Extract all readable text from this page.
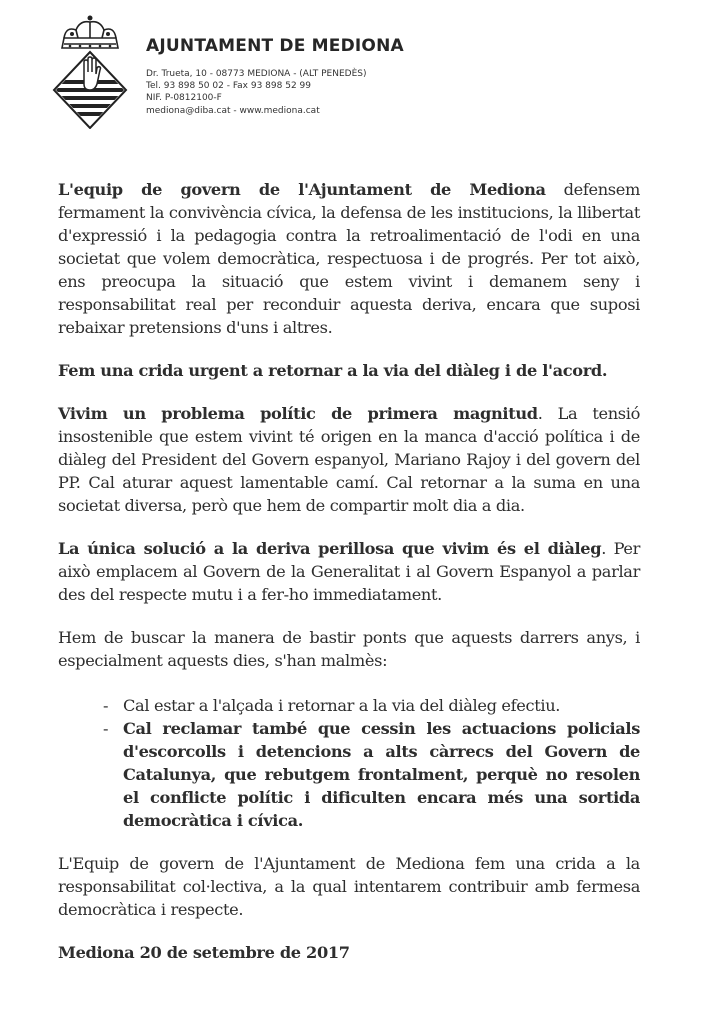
AJUNTAMENT DE MEDIONA
Dr. Trueta, 10 - 08773 MEDIONA - (ALT PENEDÈS)
Tel. 93 898 50 02 - Fax 93 898 52 99
NIF. P-0812100-F
mediona@diba.cat - www.mediona.cat

L'equip de govern de l'Ajuntament de Mediona defensem fermament la convivència cívica, la defensa de les institucions, la llibertat d'expressió i la pedagogia contra la retroalimentació de l'odi en una societat que volem democràtica, respectuosa i de progrés. Per tot això, ens preocupa la situació que estem vivint i demanem seny i responsabilitat real per reconduir aquesta deriva, encara que suposi rebaixar pretensions d'uns i altres.

Fem una crida urgent a retornar a la via del diàleg i de l'acord.

Vivim un problema polític de primera magnitud. La tensió insostenible que estem vivint té origen en la manca d'acció política i de diàleg del President del Govern espanyol, Mariano Rajoy i del govern del PP. Cal aturar aquest lamentable camí. Cal retornar a la suma en una societat diversa, però que hem de compartir molt dia a dia.

La única solució a la deriva perillosa que vivim és el diàleg. Per això emplacem al Govern de la Generalitat i al Govern Espanyol a parlar des del respecte mutu i a fer-ho immediatament.

Hem de buscar la manera de bastir ponts que aquests darrers anys, i especialment aquests dies, s'han malmès:

- Cal estar a l'alçada i retornar a la via del diàleg efectiu.
- Cal reclamar també que cessin les actuacions policials d'escorcolls i detencions a alts càrrecs del Govern de Catalunya, que rebutgem frontalment, perquè no resolen el conflicte polític i dificulten encara més una sortida democràtica i cívica.

L'Equip de govern de l'Ajuntament de Mediona fem una crida a la responsabilitat col·lectiva, a la qual intentarem contribuir amb fermesa democràtica i respecte.

Mediona 20 de setembre de 2017
